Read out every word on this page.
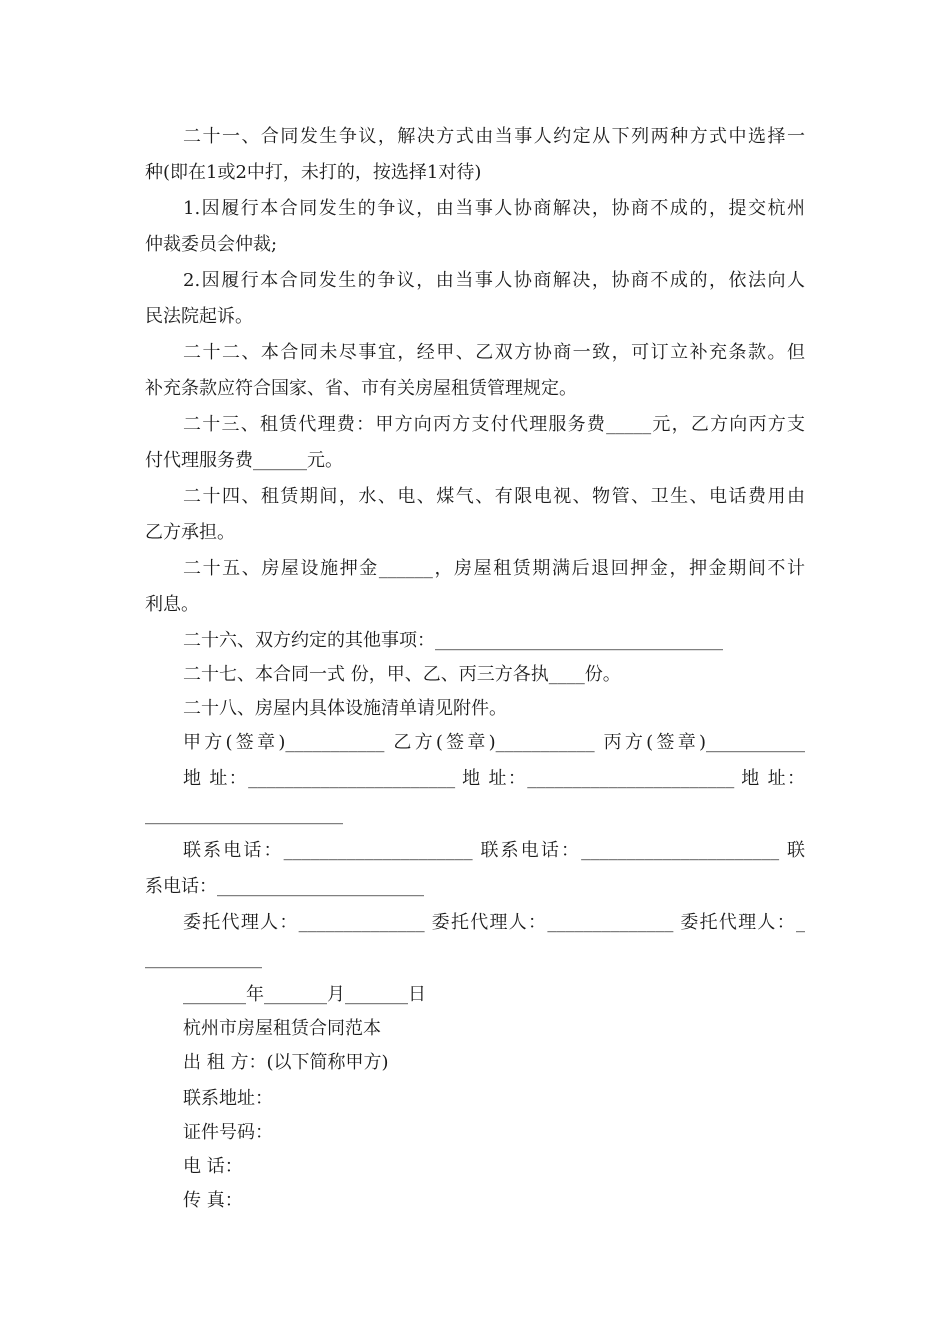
二十一、合同发生争议，解决方式由当事人约定从下列两种方式中选择一
种(即在1或2中打，未打的，按选择1对待)
1.因履行本合同发生的争议，由当事人协商解决，协商不成的，提交杭州
仲裁委员会仲裁;
2.因履行本合同发生的争议，由当事人协商解决，协商不成的，依法向人
民法院起诉。
二十二、本合同未尽事宜，经甲、乙双方协商一致，可订立补充条款。但
补充条款应符合国家、省、市有关房屋租赁管理规定。
二十三、租赁代理费：甲方向丙方支付代理服务费_____元，乙方向丙方支
付代理服务费______元。
二十四、租赁期间，水、电、煤气、有限电视、物管、卫生、电话费用由
乙方承担。
二十五、房屋设施押金______，房屋租赁期满后退回押金，押金期间不计
利息。
二十六、双方约定的其他事项：________________________________
二十七、本合同一式 份，甲、乙、丙三方各执____份。
二十八、房屋内具体设施清单请见附件。
甲方(签章)___________ 乙方(签章)___________ 丙方(签章)___________
地 址：_______________________ 地 址：_______________________ 地 址：
______________________
联系电话：_____________________ 联系电话：______________________ 联
系电话：_______________________
委托代理人：______________ 委托代理人：______________ 委托代理人：_
_____________
_______年_______月_______日
杭州市房屋租赁合同范本
出 租 方：(以下简称甲方)
联系地址：
证件号码：
电 话：
传 真：
